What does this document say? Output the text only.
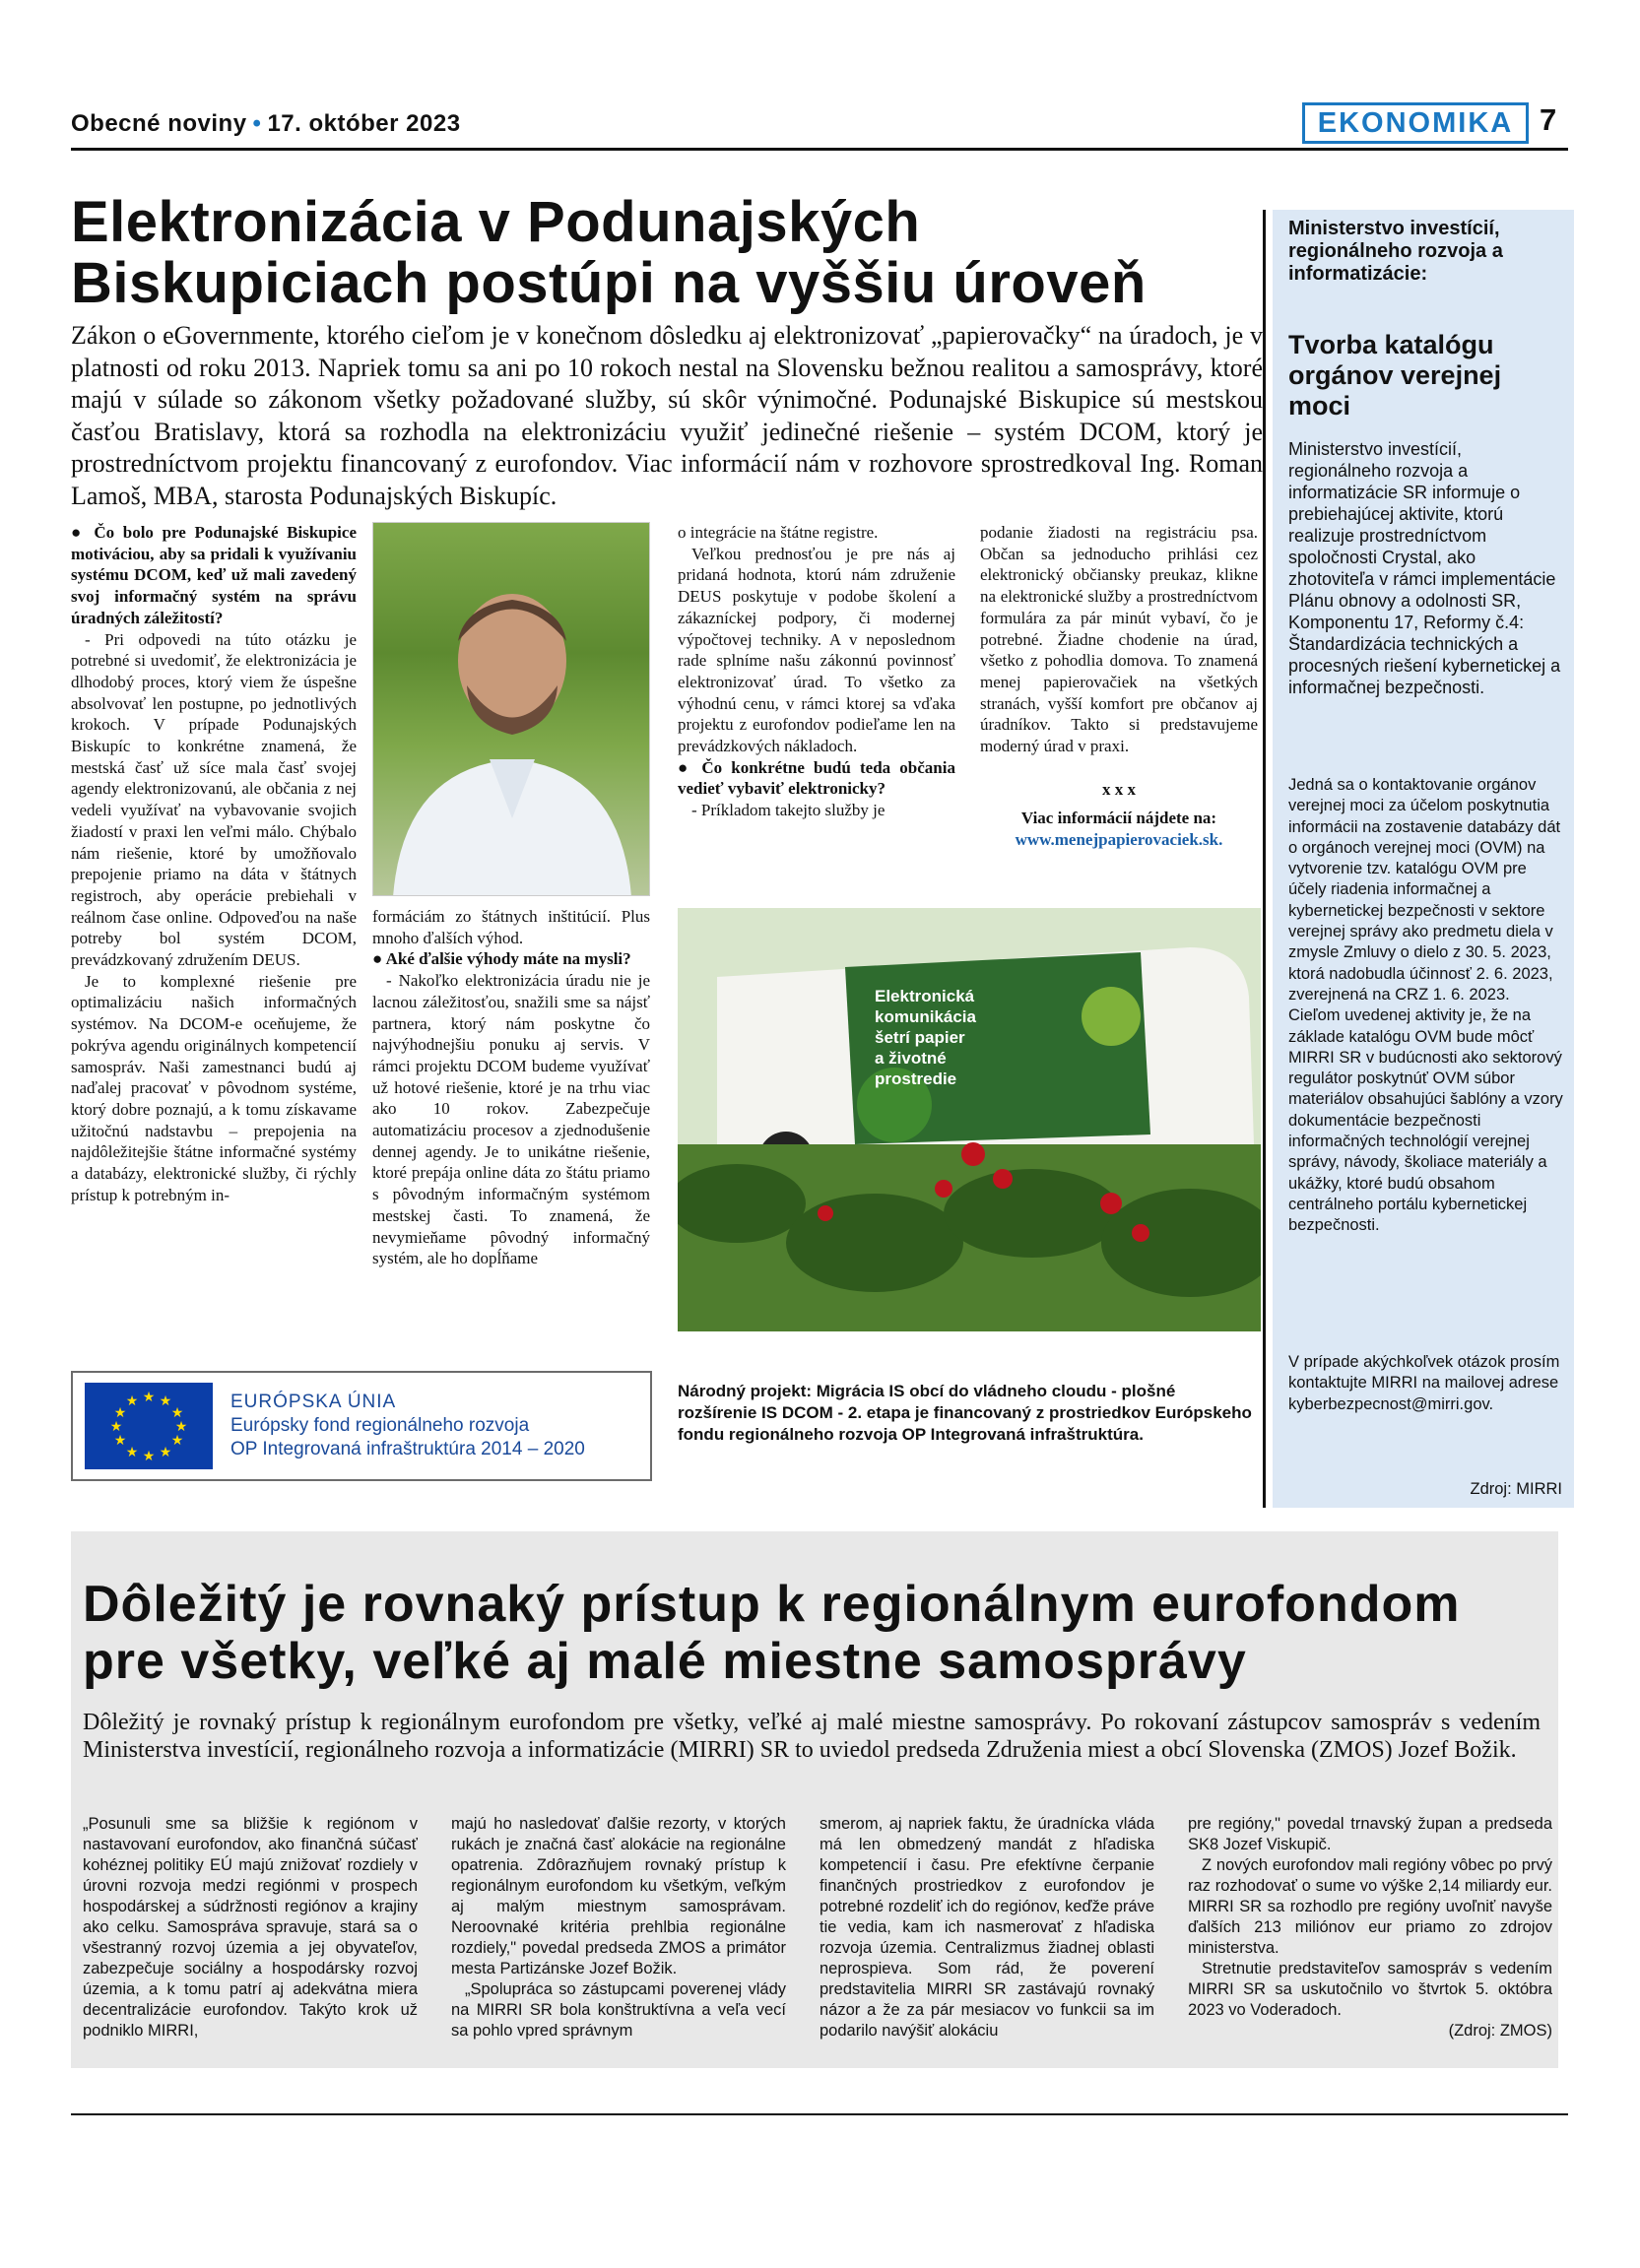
Obecné noviny • 17. október 2023	EKONOMIKA 7
Elektronizácia v Podunajských Biskupiciach postúpi na vyššiu úroveň
Zákon o eGovernmente, ktorého cieľom je v konečnom dôsledku aj elektronizovať „papierovačky“ na úradoch, je v platnosti od roku 2013. Napriek tomu sa ani po 10 rokoch nestal na Slovensku bežnou realitou a samosprávy, ktoré majú v súlade so zákonom všetky požadované služby, sú skôr výnimočné. Podunajské Biskupice sú mestskou časťou Bratislavy, ktorá sa rozhodla na elektronizáciu využiť jedinečné riešenie – systém DCOM, ktorý je prostredníctvom projektu financovaný z eurofondov. Viac informácií nám v rozhovore sprostredkoval Ing. Roman Lamoš, MBA, starosta Podunajských Biskupíc.

● Čo bolo pre Podunajské Biskupice motiváciou, aby sa pridali k využívaniu systému DCOM, keď už mali zavedený svoj informačný systém na správu úradných záležitostí?

- Pri odpovedi na túto otázku je potrebné si uvedomiť, že elektronizácia je dlhodobý proces, ktorý viem že úspešne absolvovať len postupne, po jednotlivých krokoch. V prípade Podunajských Biskupíc to konkrétne znamená, že mestská časť už síce mala časť svojej agendy elektronizovanú, ale občania z nej vedeli využívať na vybavovanie svojich žiadostí v praxi len veľmi málo. Chýbalo nám riešenie, ktoré by umožňovalo prepojenie priamo na dáta v štátnych registroch, aby operácie prebiehali v reálnom čase online. Odpoveďou na naše potreby bol systém DCOM, prevádzkovaný združením DEUS.

Je to komplexné riešenie pre optimalizáciu našich informačných systémov. Na DCOM-e oceňujeme, že pokrýva agendu originálnych kompetencií samospráv. Naši zamestnanci budú aj naďalej pracovať v pôvodnom systéme, ktorý dobre poznajú, a k tomu získavame užitočnú nadstavbu – prepojenia na najdôležitejšie štátne informačné systémy a databázy, elektronické služby, či rýchly prístup k potrebným in-

formáciám zo štátnych inštitúcií. Plus mnoho ďalších výhod.

● Aké ďalšie výhody máte na mysli?

- Nakoľko elektronizácia úradu nie je lacnou záležitosťou, snažili sme sa nájsť partnera, ktorý nám poskytne čo najvýhodnejšiu ponuku aj servis. V rámci projektu DCOM budeme využívať už hotové riešenie, ktoré je na trhu viac ako 10 rokov. Zabezpečuje automatizáciu procesov a zjednodušenie dennej agendy. Je to unikátne riešenie, ktoré prepája online dáta zo štátu priamo s pôvodným informačným systémom mestskej časti. To znamená, že nevymieňame pôvodný informačný systém, ale ho dopĺňame

o integrácie na štátne registre.

Veľkou prednosťou je pre nás aj pridaná hodnota, ktorú nám združenie DEUS poskytuje v podobe školení a zákazníckej podpory, či modernej výpočtovej techniky. A v neposlednom rade splníme našu zákonnú povinnosť elektronizovať úrad. To všetko za výhodnú cenu, v rámci ktorej sa vďaka projektu z eurofondov podieľame len na prevádzkových nákladoch.

● Čo konkrétne budú teda občania vedieť vybaviť elektronicky?

- Príkladom takejto služby je

podanie žiadosti na registráciu psa. Občan sa jednoducho prihlási cez elektronický občiansky preukaz, klikne na elektronické služby a prostredníctvom formulára za pár minút vybaví, čo je potrebné. Žiadne chodenie na úrad, všetko z pohodlia domova. To znamená menej papierovačiek na všetkých stranách, vyšší komfort pre občanov aj úradníkov. Takto si predstavujeme moderný úrad v praxi.

x x x

Viac informácií nájdete na:

www.menejpapierovaciek.sk.

Elektronická komunikácia šetrí papier a životné prostredie
★ ★
★
★
★
★
★
★
★
★
★
★	EURÓPSKA ÚNIA
Európsky fond regionálneho rozvoja
OP Integrovaná infraštruktúra 2014 – 2020
Národný projekt: Migrácia IS obcí do vládneho cloudu - plošné rozšírenie IS DCOM - 2. etapa je financovaný z prostriedkov Európskeho fondu regionálneho rozvoja OP Integrovaná infraštruktúra.
Ministerstvo investícií, regionálneho rozvoja a informatizácie:
Tvorba katalógu orgánov verejnej moci
Ministerstvo investícií, regionálneho rozvoja a informatizácie SR informuje o prebiehajúcej aktivite, ktorú realizuje prostredníctvom spoločnosti Crystal, ako zhotoviteľa v rámci implementácie Plánu obnovy a odolnosti SR, Komponentu 17, Reformy č.4: Štandardizácia technických a procesných riešení kybernetickej a informačnej bezpečnosti.
Jedná sa o kontaktovanie orgánov verejnej moci za účelom poskytnutia informácii na zostavenie databázy dát o orgánoch verejnej moci (OVM) na vytvorenie tzv. katalógu OVM pre účely riadenia informačnej a kybernetickej bezpečnosti v sektore verejnej správy ako predmetu diela v zmysle Zmluvy o dielo z 30. 5. 2023, ktorá nadobudla účinnosť 2. 6. 2023, zverejnená na CRZ 1. 6. 2023. Cieľom uvedenej aktivity je, že na základe katalógu OVM bude môcť MIRRI SR v budúcnosti ako sektorový regulátor poskytnúť OVM súbor materiálov obsahujúci šablóny a vzory dokumentácie bezpečnosti informačných technológií verejnej správy, návody, školiace materiály a ukážky, ktoré budú obsahom centrálneho portálu kybernetickej bezpečnosti.
V prípade akýchkoľvek otázok prosím kontaktujte MIRRI na mailovej adrese kyberbezpecnost@mirri.gov.
Zdroj: MIRRI
Dôležitý je rovnaký prístup k regionálnym eurofondom pre všetky, veľké aj malé miestne samosprávy
Dôležitý je rovnaký prístup k regionálnym eurofondom pre všetky, veľké aj malé miestne samosprávy. Po rokovaní zástupcov samospráv s vedením Ministerstva investícií, regionálneho rozvoja a informatizácie (MIRRI) SR to uviedol predseda Združenia miest a obcí Slovenska (ZMOS) Jozef Božik.

„Posunuli sme sa bližšie k regiónom v nastavovaní eurofondov, ako finančná súčasť kohéznej politiky EÚ majú znižovať rozdiely v úrovni rozvoja medzi regiónmi v prospech hospodárskej a súdržnosti regiónov a krajiny ako celku. Samospráva spravuje, stará sa o všestranný rozvoj územia a jej obyvateľov, zabezpečuje sociálny a hospodársky rozvoj územia, a k tomu patrí aj adekvátna miera decentralizácie eurofondov. Takýto krok už podniklo MIRRI,

majú ho nasledovať ďalšie rezorty, v ktorých rukách je značná časť alokácie na regionálne opatrenia. Zdôrazňujem rovnaký prístup k regionálnym eurofondom ku všetkým, veľkým aj malým miestnym samosprávam. Neroovnaké kritéria prehlbia regionálne rozdiely," povedal predseda ZMOS a primátor mesta Partizánske Jozef Božik.

„Spolupráca so zástupcami poverenej vlády na MIRRI SR bola konštruktívna a veľa vecí sa pohlo vpred správnym

smerom, aj napriek faktu, že úradnícka vláda má len obmedzený mandát z hľadiska kompetencií i času. Pre efektívne čerpanie finančných prostriedkov z eurofondov je potrebné rozdeliť ich do regiónov, keďže práve tie vedia, kam ich nasmerovať z hľadiska rozvoja územia. Centralizmus žiadnej oblasti neprospieva. Som rád, že poverení predstavitelia MIRRI SR zastávajú rovnaký názor a že za pár mesiacov vo funkcii sa im podarilo navýšiť alokáciu

pre regióny," povedal trnavský župan a predseda SK8 Jozef Viskupič.

Z nových eurofondov mali regióny vôbec po prvý raz rozhodovať o sume vo výške 2,14 miliardy eur. MIRRI SR sa rozhodlo pre regióny uvoľniť navyše ďalších 213 miliónov eur priamo zo zdrojov ministerstva.

Stretnutie predstaviteľov samospráv s vedením MIRRI SR sa uskutočnilo vo štvrtok 5. októbra 2023 vo Voderadoch.

(Zdroj: ZMOS)
